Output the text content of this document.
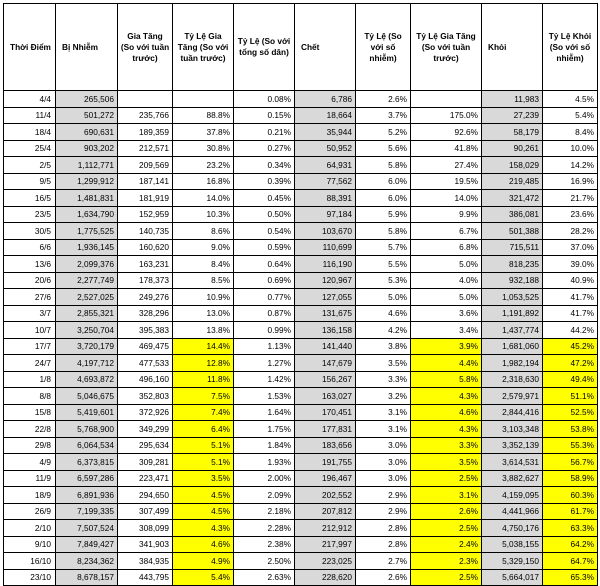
Thời Điểm	Bị Nhiễm	Gia Tăng (So với tuần trước)	Tỷ Lệ Gia Tăng (So với tuần trước)	Tỷ Lệ (So với tổng số dân)	Chết	Tỷ Lệ (So với số nhiễm)	Tỷ Lệ Gia Tăng (So với tuần trước)	Khỏi	Tỷ Lệ Khỏi (So với số nhiễm)
4/4	265,506			0.08%	6,786	2.6%		11,983	4.5%
11/4	501,272	235,766	88.8%	0.15%	18,664	3.7%	175.0%	27,239	5.4%
18/4	690,631	189,359	37.8%	0.21%	35,944	5.2%	92.6%	58,179	8.4%
25/4	903,202	212,571	30.8%	0.27%	50,952	5.6%	41.8%	90,261	10.0%
2/5	1,112,771	209,569	23.2%	0.34%	64,931	5.8%	27.4%	158,029	14.2%
9/5	1,299,912	187,141	16.8%	0.39%	77,562	6.0%	19.5%	219,485	16.9%
16/5	1,481,831	181,919	14.0%	0.45%	88,391	6.0%	14.0%	321,472	21.7%
23/5	1,634,790	152,959	10.3%	0.50%	97,184	5.9%	9.9%	386,081	23.6%
30/5	1,775,525	140,735	8.6%	0.54%	103,670	5.8%	6.7%	501,388	28.2%
6/6	1,936,145	160,620	9.0%	0.59%	110,699	5.7%	6.8%	715,511	37.0%
13/6	2,099,376	163,231	8.4%	0.64%	116,190	5.5%	5.0%	818,235	39.0%
20/6	2,277,749	178,373	8.5%	0.69%	120,967	5.3%	4.0%	932,188	40.9%
27/6	2,527,025	249,276	10.9%	0.77%	127,055	5.0%	5.0%	1,053,525	41.7%
3/7	2,855,321	328,296	13.0%	0.87%	131,675	4.6%	3.6%	1,191,892	41.7%
10/7	3,250,704	395,383	13.8%	0.99%	136,158	4.2%	3.4%	1,437,774	44.2%
17/7	3,720,179	469,475	14.4%	1.13%	141,440	3.8%	3.9%	1,681,060	45.2%
24/7	4,197,712	477,533	12.8%	1.27%	147,679	3.5%	4.4%	1,982,194	47.2%
1/8	4,693,872	496,160	11.8%	1.42%	156,267	3.3%	5.8%	2,318,630	49.4%
8/8	5,046,675	352,803	7.5%	1.53%	163,027	3.2%	4.3%	2,579,971	51.1%
15/8	5,419,601	372,926	7.4%	1.64%	170,451	3.1%	4.6%	2,844,416	52.5%
22/8	5,768,900	349,299	6.4%	1.75%	177,831	3.1%	4.3%	3,103,348	53.8%
29/8	6,064,534	295,634	5.1%	1.84%	183,656	3.0%	3.3%	3,352,139	55.3%
4/9	6,373,815	309,281	5.1%	1.93%	191,755	3.0%	3.5%	3,614,531	56.7%
11/9	6,597,286	223,471	3.5%	2.00%	196,467	3.0%	2.5%	3,882,627	58.9%
18/9	6,891,936	294,650	4.5%	2.09%	202,552	2.9%	3.1%	4,159,095	60.3%
26/9	7,199,335	307,499	4.5%	2.18%	207,812	2.9%	2.6%	4,441,966	61.7%
2/10	7,507,524	308,099	4.3%	2.28%	212,912	2.8%	2.5%	4,750,176	63.3%
9/10	7,849,427	341,903	4.6%	2.38%	217,997	2.8%	2.4%	5,038,155	64.2%
16/10	8,234,362	384,935	4.9%	2.50%	223,025	2.7%	2.3%	5,329,150	64.7%
23/10	8,678,157	443,795	5.4%	2.63%	228,620	2.6%	2.5%	5,664,017	65.3%
